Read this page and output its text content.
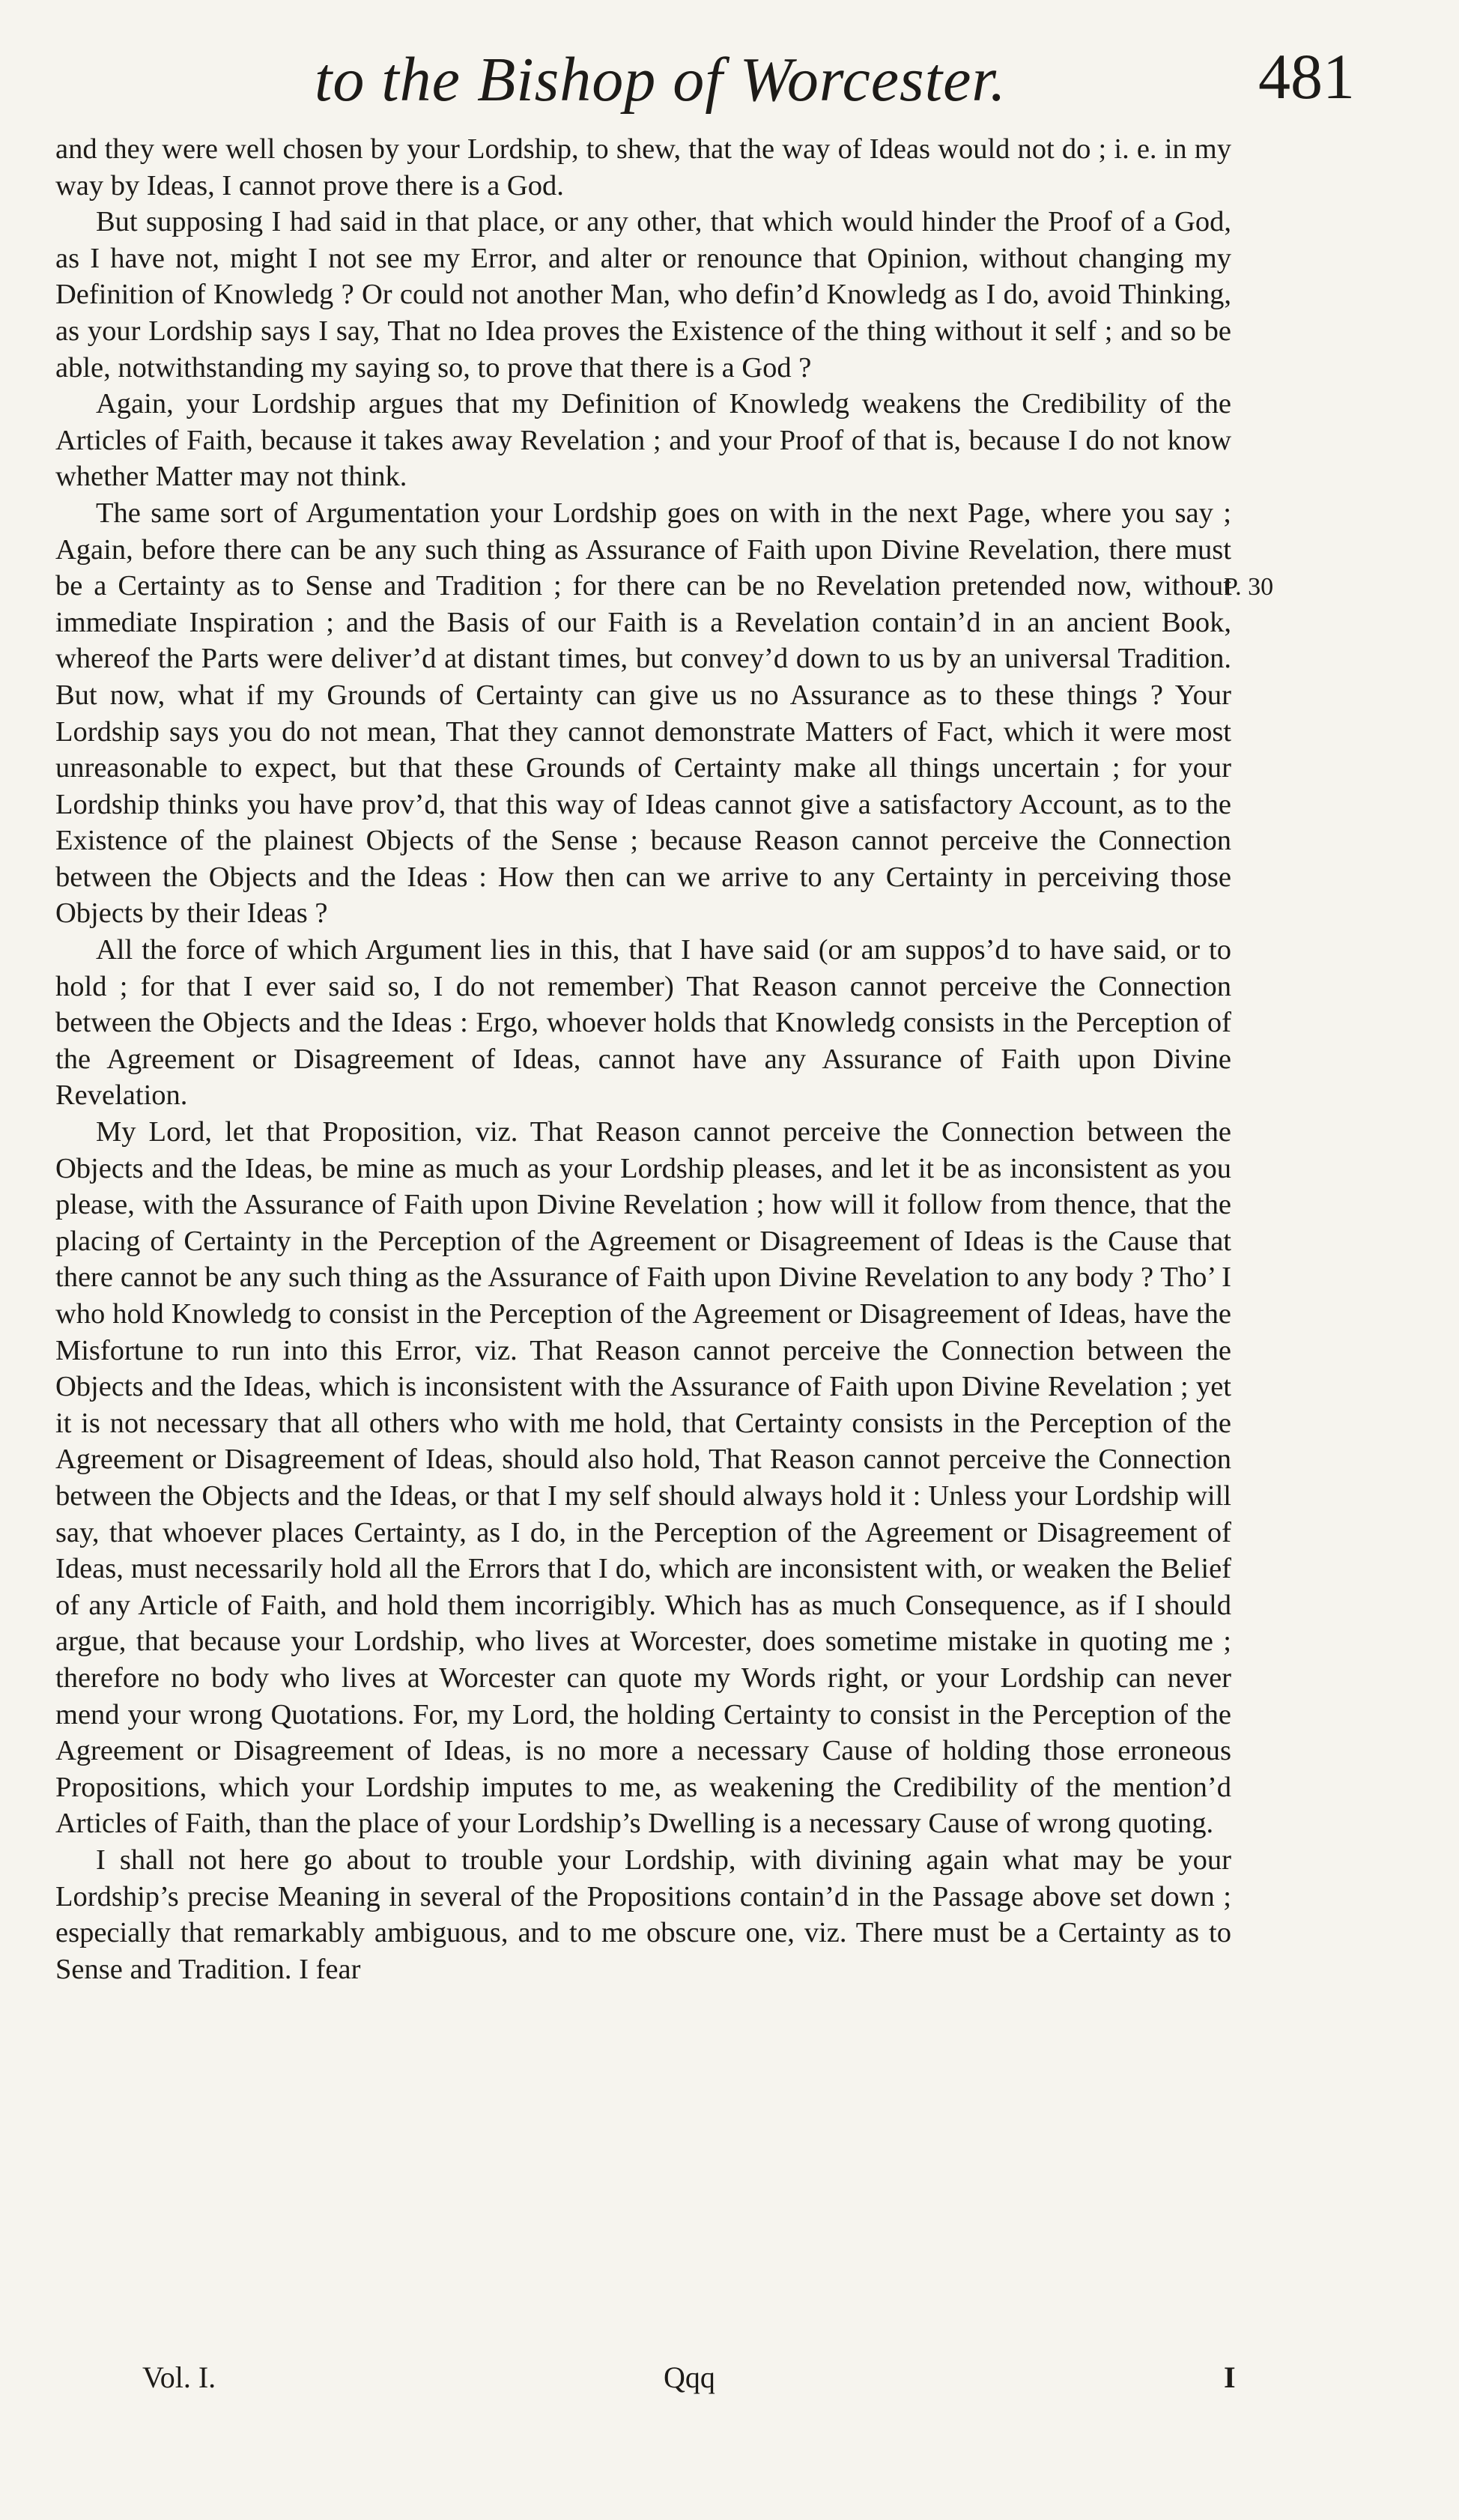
to the Bishop of Worcester.	481
P. 30

and they were well chosen by your Lordship, to shew, that the way of Ideas would not do ; i. e. in my way by Ideas, I cannot prove there is a God.

But supposing I had said in that place, or any other, that which would hinder the Proof of a God, as I have not, might I not see my Error, and alter or renounce that Opinion, without changing my Definition of Knowledg ? Or could not another Man, who defin’d Knowledg as I do, avoid Thinking, as your Lordship says I say, That no Idea proves the Existence of the thing without it self ; and so be able, notwithstanding my saying so, to prove that there is a God ?

Again, your Lordship argues that my Definition of Knowledg weakens the Credibility of the Articles of Faith, because it takes away Revelation ; and your Proof of that is, because I do not know whether Matter may not think.

The same sort of Argumentation your Lordship goes on with in the next Page, where you say ; Again, before there can be any such thing as Assurance of Faith upon Divine Revelation, there must be a Certainty as to Sense and Tradition ; for there can be no Revelation pretended now, without immediate Inspiration ; and the Basis of our Faith is a Revelation contain’d in an ancient Book, whereof the Parts were deliver’d at distant times, but convey’d down to us by an universal Tradition. But now, what if my Grounds of Certainty can give us no Assurance as to these things ? Your Lordship says you do not mean, That they cannot demonstrate Matters of Fact, which it were most unreasonable to expect, but that these Grounds of Certainty make all things uncertain ; for your Lordship thinks you have prov’d, that this way of Ideas cannot give a satisfactory Account, as to the Existence of the plainest Objects of the Sense ; because Reason cannot perceive the Connection between the Objects and the Ideas : How then can we arrive to any Certainty in perceiving those Objects by their Ideas ?

All the force of which Argument lies in this, that I have said (or am suppos’d to have said, or to hold ; for that I ever said so, I do not remember) That Reason cannot perceive the Connection between the Objects and the Ideas : Ergo, whoever holds that Knowledg consists in the Perception of the Agreement or Disagreement of Ideas, cannot have any Assurance of Faith upon Divine Revelation.

My Lord, let that Proposition, viz. That Reason cannot perceive the Connection between the Objects and the Ideas, be mine as much as your Lordship pleases, and let it be as inconsistent as you please, with the Assurance of Faith upon Divine Revelation ; how will it follow from thence, that the placing of Certainty in the Perception of the Agreement or Disagreement of Ideas is the Cause that there cannot be any such thing as the Assurance of Faith upon Divine Revelation to any body ? Tho’ I who hold Knowledg to consist in the Perception of the Agreement or Disagreement of Ideas, have the Misfortune to run into this Error, viz. That Reason cannot perceive the Connection between the Objects and the Ideas, which is inconsistent with the Assurance of Faith upon Divine Revelation ; yet it is not necessary that all others who with me hold, that Certainty consists in the Perception of the Agreement or Disagreement of Ideas, should also hold, That Reason cannot perceive the Connection between the Objects and the Ideas, or that I my self should always hold it : Unless your Lordship will say, that whoever places Certainty, as I do, in the Perception of the Agreement or Disagreement of Ideas, must necessarily hold all the Errors that I do, which are inconsistent with, or weaken the Belief of any Article of Faith, and hold them incorrigibly. Which has as much Consequence, as if I should argue, that because your Lordship, who lives at Worcester, does sometime mistake in quoting me ; therefore no body who lives at Worcester can quote my Words right, or your Lordship can never mend your wrong Quotations. For, my Lord, the holding Certainty to consist in the Perception of the Agreement or Disagreement of Ideas, is no more a necessary Cause of holding those erroneous Propositions, which your Lordship imputes to me, as weakening the Credibility of the mention’d Articles of Faith, than the place of your Lordship’s Dwelling is a necessary Cause of wrong quoting.

I shall not here go about to trouble your Lordship, with divining again what may be your Lordship’s precise Meaning in several of the Propositions contain’d in the Passage above set down ; especially that remarkably ambiguous, and to me obscure one, viz. There must be a Certainty as to Sense and Tradition. I fear

Vol. I.	Qqq	I
